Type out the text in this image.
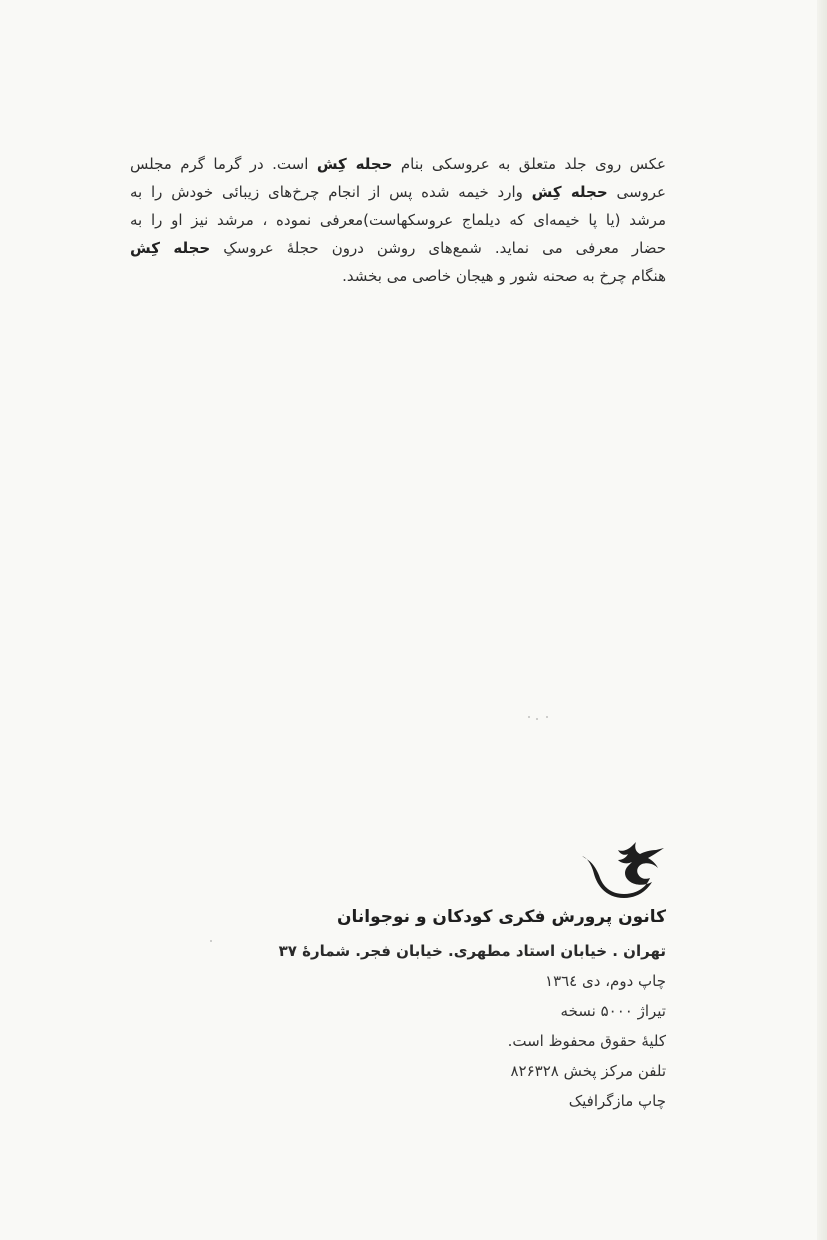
عکس روی جلد متعلق به عروسکی بنام حجله کِش است. در گرما گرم مجلس
عروسی حجله کِش وارد خیمه شده پس از انجام چرخ‌های زیبائی خودش را به
مرشد (یا پا خیمه‌ای که دیلماج عروسکهاست)معرفی نموده ، مرشد نیز او را به
حضار معرفی می نماید. شمع‌های روشن درون حجلهٔ عروسکِ حجله کِش
هنگام چرخ به صحنه شور و هیجان خاصی می بخشد.
کانون پرورش فکری کودکان و نوجوانان
تهران . خیابان استاد مطهری. خیابان فجر. شمارهٔ ۳۷
چاپ دوم، دی ١٣٦٤
تیراژ ۵٠٠٠ نسخه
کلیهٔ حقوق محفوظ است.
تلفن مرکز پخش ۸۲۶۳۲۸
چاپ مازگرافیک
